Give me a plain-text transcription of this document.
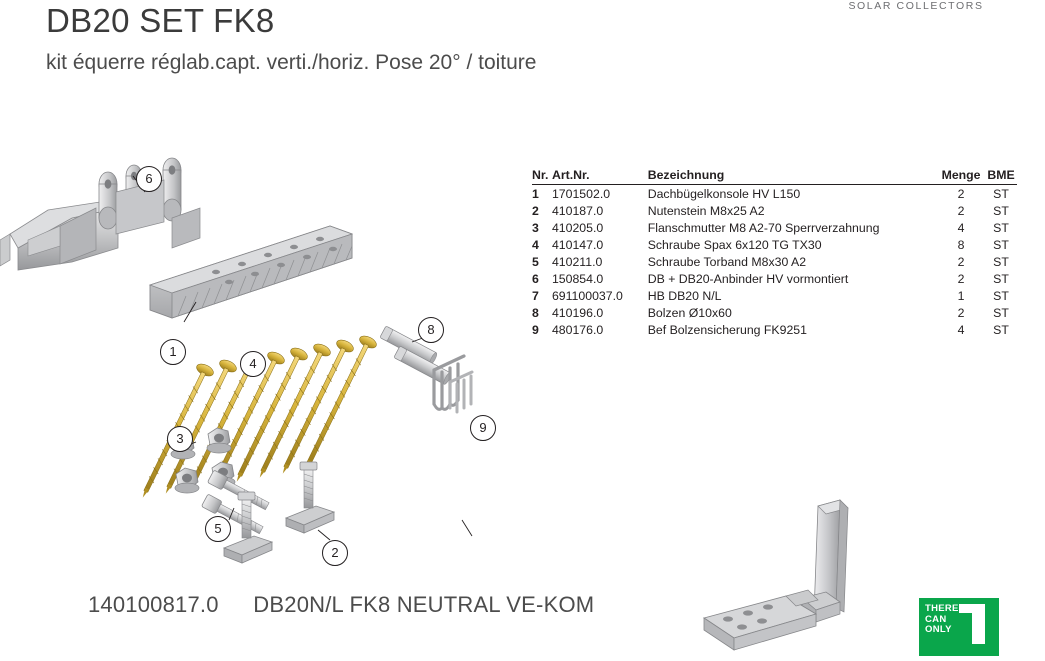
SOLAR COLLECTORS
DB20 SET FK8
kit équerre réglab.capt. verti./horiz. Pose 20° / toiture
6
1
4
8
9
3
5
2
Nr.	Art.Nr.	Bezeichnung	Menge	BME
1	1701502.0	Dachbügelkonsole HV L150	2	ST
2	410187.0	Nutenstein M8x25 A2	2	ST
3	410205.0	Flanschmutter M8 A2-70 Sperrverzahnung	4	ST
4	410147.0	Schraube Spax 6x120 TG TX30	8	ST
5	410211.0	Schraube Torband M8x30 A2	2	ST
6	150854.0	DB + DB20-Anbinder HV vormontiert	2	ST
7	691100037.0	HB DB20 N/L	1	ST
8	410196.0	Bolzen Ø10x60	2	ST
9	480176.0	Bef Bolzensicherung FK9251	4	ST
140100817.0 DB20N/L FK8 NEUTRAL VE-KOM	THERE
CAN
ONLY
